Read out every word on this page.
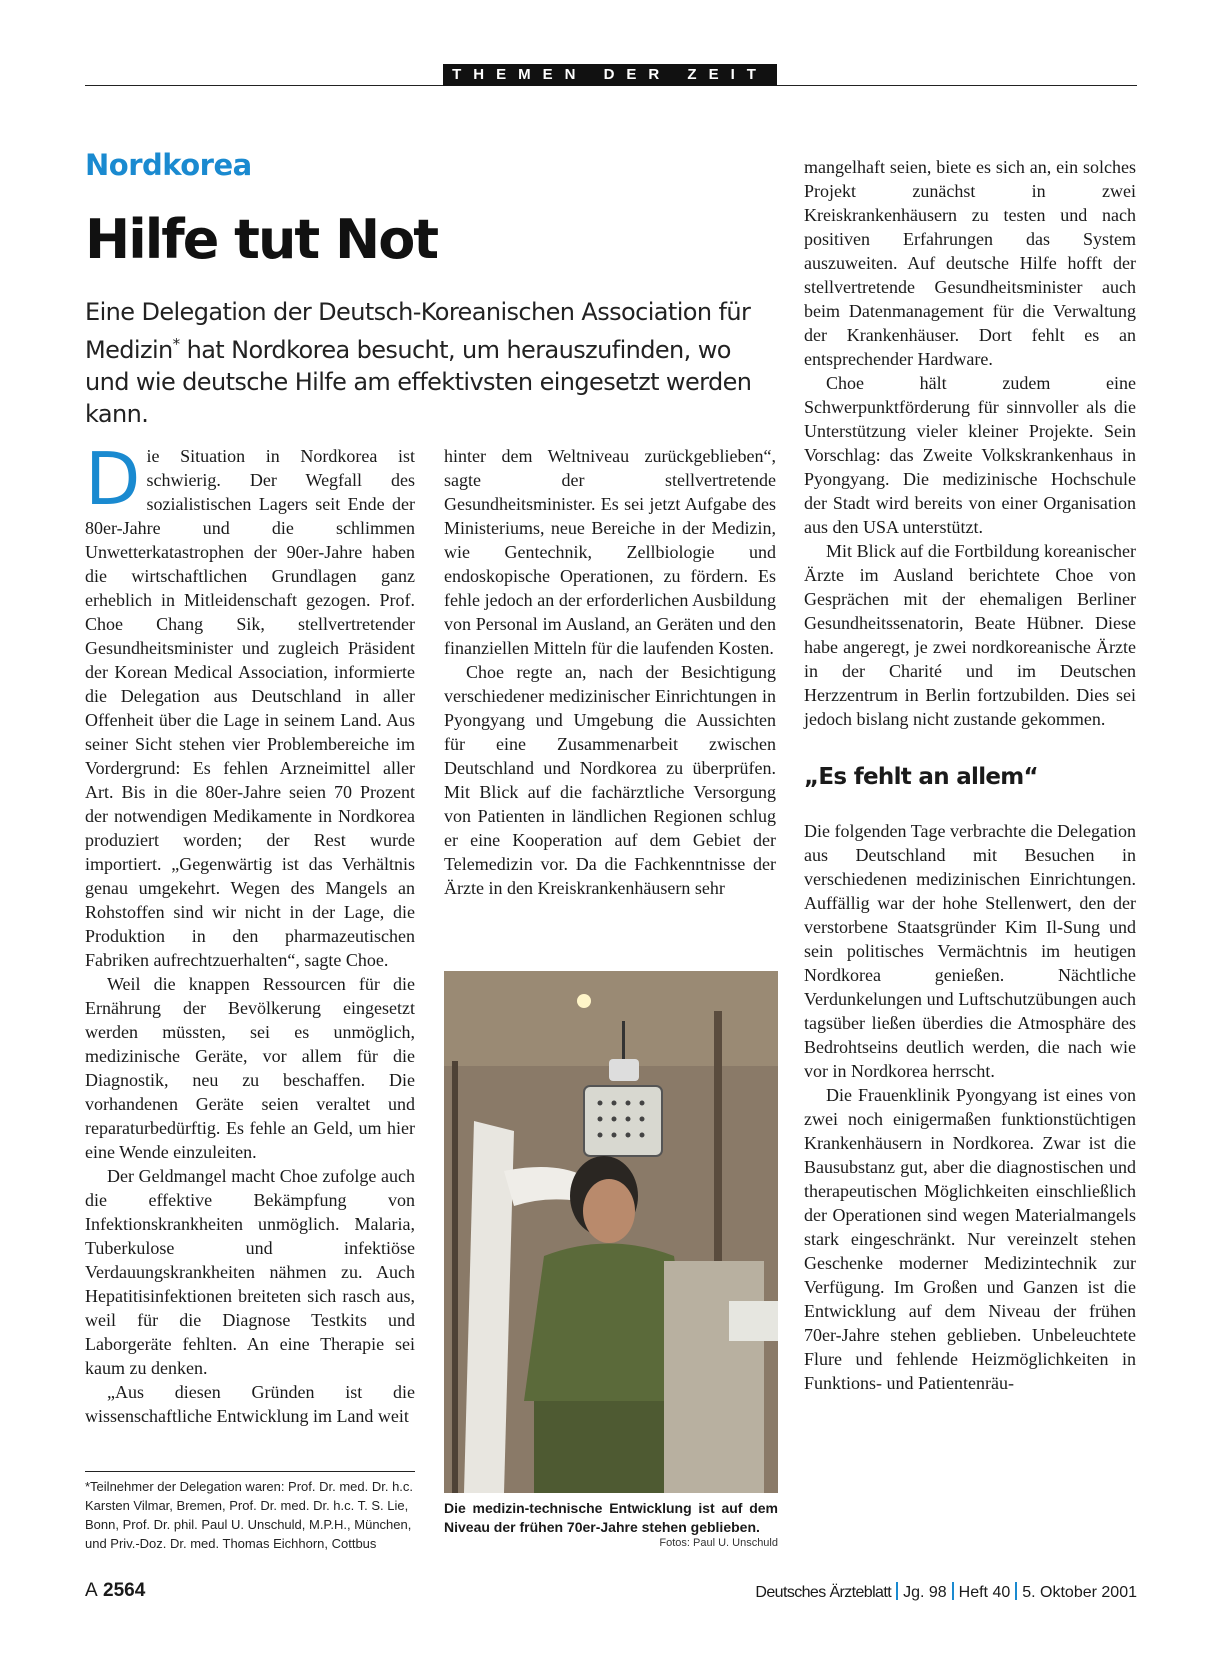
THEMEN DER ZEIT
Nordkorea
Hilfe tut Not
Eine Delegation der Deutsch-Koreanischen Association für Medizin* hat Nordkorea besucht, um herauszufinden, wo und wie deutsche Hilfe am effektivsten eingesetzt werden kann.

Die Situation in Nordkorea ist schwierig. Der Wegfall des sozialistischen Lagers seit Ende der 80er-Jahre und die schlimmen Unwetterkatastrophen der 90er-Jahre haben die wirtschaftlichen Grundlagen ganz erheblich in Mitleidenschaft gezogen. Prof. Choe Chang Sik, stellvertretender Gesundheitsminister und zugleich Präsident der Korean Medical Association, informierte die Delegation aus Deutschland in aller Offenheit über die Lage in seinem Land. Aus seiner Sicht stehen vier Problembereiche im Vordergrund: Es fehlen Arzneimittel aller Art. Bis in die 80er-Jahre seien 70 Prozent der notwendigen Medikamente in Nordkorea produziert worden; der Rest wurde importiert. „Gegenwärtig ist das Verhältnis genau umgekehrt. Wegen des Mangels an Rohstoffen sind wir nicht in der Lage, die Produktion in den pharmazeutischen Fabriken aufrechtzuerhalten“, sagte Choe.

Weil die knappen Ressourcen für die Ernährung der Bevölkerung eingesetzt werden müssten, sei es unmöglich, medizinische Geräte, vor allem für die Diagnostik, neu zu beschaffen. Die vorhandenen Geräte seien veraltet und reparaturbedürftig. Es fehle an Geld, um hier eine Wende einzuleiten.

Der Geldmangel macht Choe zufolge auch die effektive Bekämpfung von Infektionskrankheiten unmöglich. Malaria, Tuberkulose und infektiöse Verdauungskrankheiten nähmen zu. Auch Hepatitisinfektionen breiteten sich rasch aus, weil für die Diagnose Testkits und Laborgeräte fehlten. An eine Therapie sei kaum zu denken.

„Aus diesen Gründen ist die wissenschaftliche Entwicklung im Land weit

hinter dem Weltniveau zurückgeblieben“, sagte der stellvertretende Gesundheitsminister. Es sei jetzt Aufgabe des Ministeriums, neue Bereiche in der Medizin, wie Gentechnik, Zellbiologie und endoskopische Operationen, zu fördern. Es fehle jedoch an der erforderlichen Ausbildung von Personal im Ausland, an Geräten und den finanziellen Mitteln für die laufenden Kosten.

Choe regte an, nach der Besichtigung verschiedener medizinischer Einrichtungen in Pyongyang und Umgebung die Aussichten für eine Zusammenarbeit zwischen Deutschland und Nordkorea zu überprüfen. Mit Blick auf die fachärztliche Versorgung von Patienten in ländlichen Regionen schlug er eine Kooperation auf dem Gebiet der Telemedizin vor. Da die Fachkenntnisse der Ärzte in den Kreiskrankenhäusern sehr

mangelhaft seien, biete es sich an, ein solches Projekt zunächst in zwei Kreiskrankenhäusern zu testen und nach positiven Erfahrungen das System auszuweiten. Auf deutsche Hilfe hofft der stellvertretende Gesundheitsminister auch beim Datenmanagement für die Verwaltung der Krankenhäuser. Dort fehlt es an entsprechender Hardware.

Choe hält zudem eine Schwerpunktförderung für sinnvoller als die Unterstützung vieler kleiner Projekte. Sein Vorschlag: das Zweite Volkskrankenhaus in Pyongyang. Die medizinische Hochschule der Stadt wird bereits von einer Organisation aus den USA unterstützt.

Mit Blick auf die Fortbildung koreanischer Ärzte im Ausland berichtete Choe von Gesprächen mit der ehemaligen Berliner Gesundheitssenatorin, Beate Hübner. Diese habe angeregt, je zwei nordkoreanische Ärzte in der Charité und im Deutschen Herzzentrum in Berlin fortzubilden. Dies sei jedoch bislang nicht zustande gekommen.

„Es fehlt an allem“

Die folgenden Tage verbrachte die Delegation aus Deutschland mit Besuchen in verschiedenen medizinischen Einrichtungen. Auffällig war der hohe Stellenwert, den der verstorbene Staatsgründer Kim Il-Sung und sein politisches Vermächtnis im heutigen Nordkorea genießen. Nächtliche Verdunkelungen und Luftschutzübungen auch tagsüber ließen überdies die Atmosphäre des Bedrohtseins deutlich werden, die nach wie vor in Nordkorea herrscht.

Die Frauenklinik Pyongyang ist eines von zwei noch einigermaßen funktionstüchtigen Krankenhäusern in Nordkorea. Zwar ist die Bausubstanz gut, aber die diagnostischen und therapeutischen Möglichkeiten einschließlich der Operationen sind wegen Materialmangels stark eingeschränkt. Nur vereinzelt stehen Geschenke moderner Medizintechnik zur Verfügung. Im Großen und Ganzen ist die Entwicklung auf dem Niveau der frühen 70er-Jahre stehen geblieben. Unbeleuchtete Flure und fehlende Heizmöglichkeiten in Funktions- und Patientenräu-

*Teilnehmer der Delegation waren: Prof. Dr. med. Dr. h.c. Karsten Vilmar, Bremen, Prof. Dr. med. Dr. h.c. T. S. Lie, Bonn, Prof. Dr. phil. Paul U. Unschuld, M.P.H., München, und Priv.-Doz. Dr. med. Thomas Eichhorn, Cottbus
Die medizin-technische Entwicklung ist auf dem Niveau der frühen 70er-Jahre stehen geblieben.
Fotos: Paul U. Unschuld
A 2564	Deutsches Ärzteblatt Jg. 98 Heft 40 5. Oktober 2001
